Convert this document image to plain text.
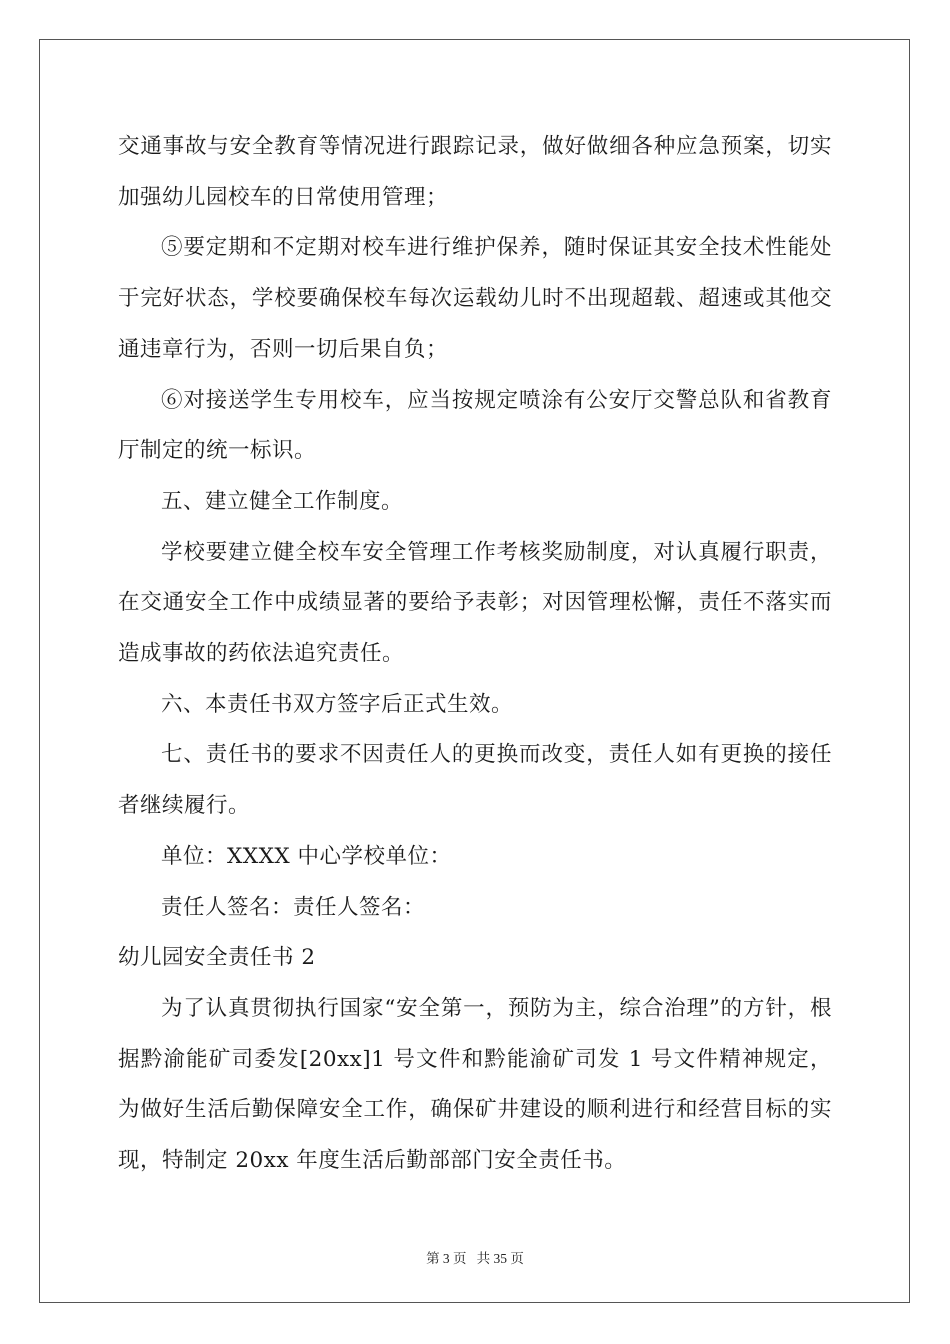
交通事故与安全教育等情况进行跟踪记录，做好做细各种应急预案，切实加强幼儿园校车的日常使用管理；

⑤要定期和不定期对校车进行维护保养，随时保证其安全技术性能处于完好状态，学校要确保校车每次运载幼儿时不出现超载、超速或其他交通违章行为，否则一切后果自负；

⑥对接送学生专用校车，应当按规定喷涂有公安厅交警总队和省教育厅制定的统一标识。

五、建立健全工作制度。

学校要建立健全校车安全管理工作考核奖励制度，对认真履行职责，在交通安全工作中成绩显著的要给予表彰；对因管理松懈，责任不落实而造成事故的药依法追究责任。

六、本责任书双方签字后正式生效。

七、责任书的要求不因责任人的更换而改变，责任人如有更换的接任者继续履行。

单位：XXXX 中心学校单位：

责任人签名：责任人签名：

幼儿园安全责任书 2

为了认真贯彻执行国家“安全第一，预防为主，综合治理”的方针，根据黔渝能矿司委发[20xx]1 号文件和黔能渝矿司发 1 号文件精神规定，为做好生活后勤保障安全工作，确保矿井建设的顺利进行和经营目标的实现，特制定 20xx 年度生活后勤部部门安全责任书。

第 3 页   共 35 页
